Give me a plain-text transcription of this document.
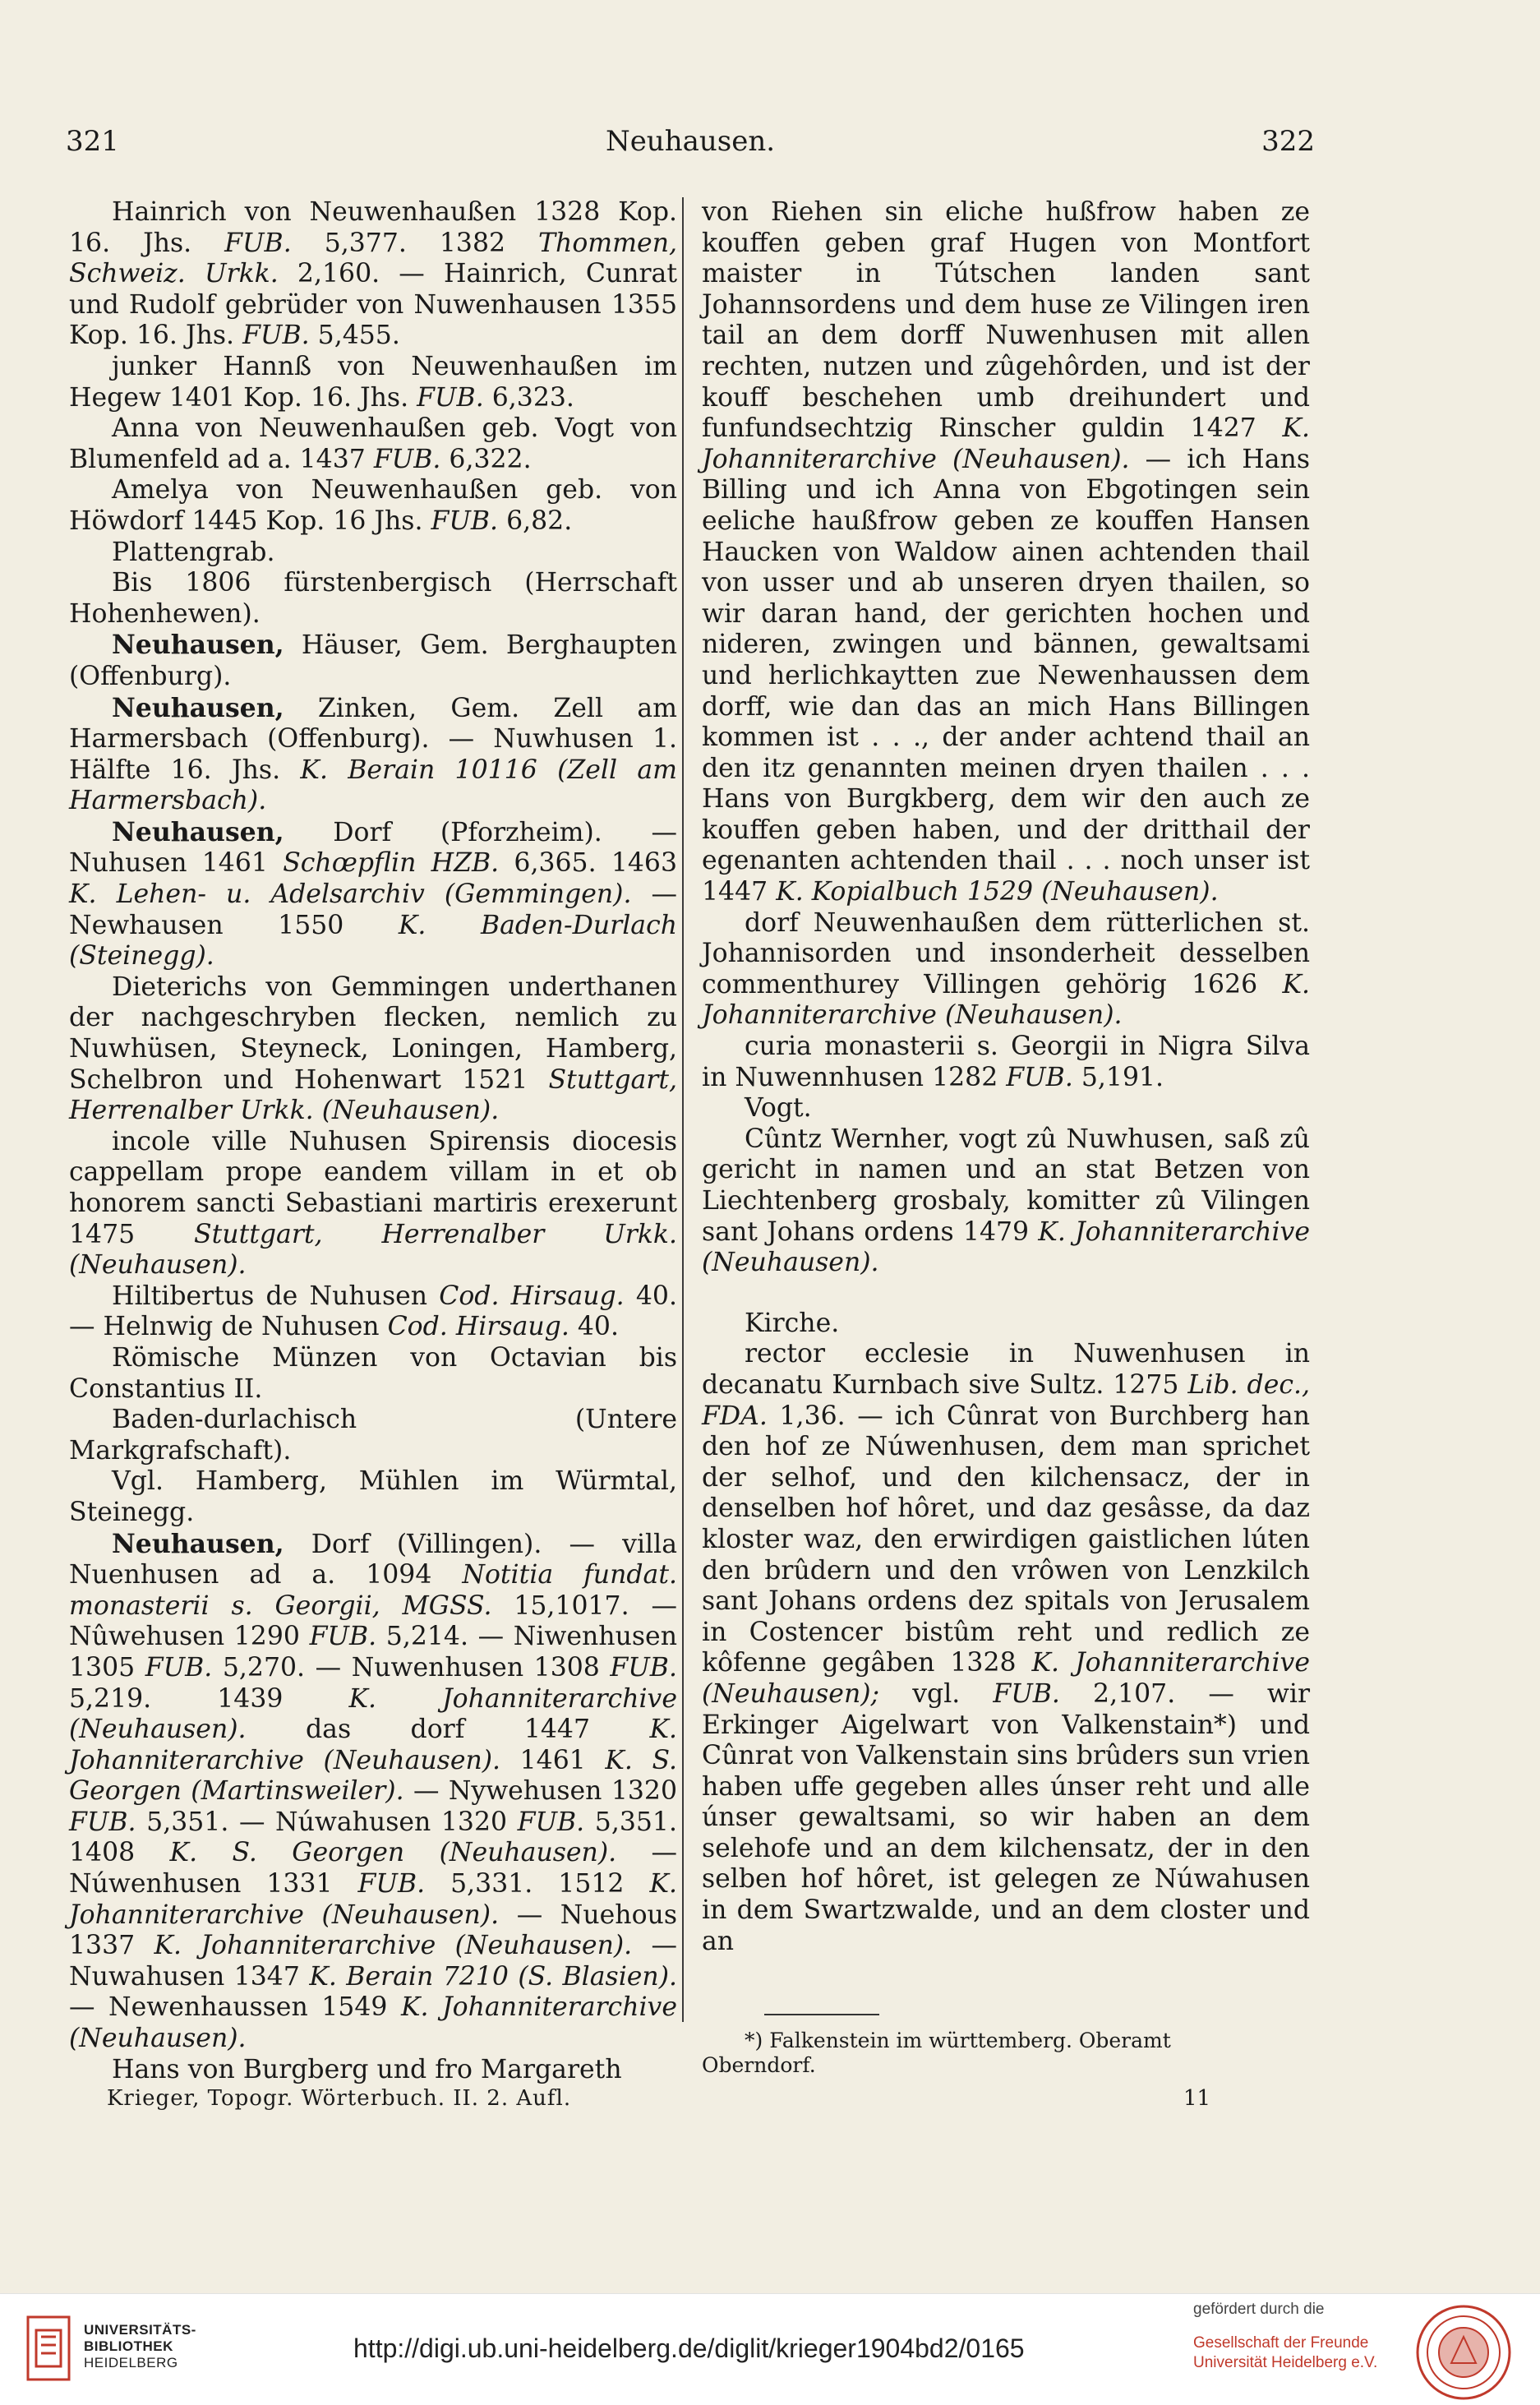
321	Neuhausen.	322

Hainrich von Neuwenhaußen 1328 Kop. 16. Jhs. FUB. 5,377. 1382 Thommen, Schweiz. Urkk. 2,160. — Hainrich, Cunrat und Rudolf gebrüder von Nuwenhausen 1355 Kop. 16. Jhs. FUB. 5,455.

junker Hannß von Neuwenhaußen im Hegew 1401 Kop. 16. Jhs. FUB. 6,323.

Anna von Neuwenhaußen geb. Vogt von Blumenfeld ad a. 1437 FUB. 6,322.

Amelya von Neuwenhaußen geb. von Höwdorf 1445 Kop. 16 Jhs. FUB. 6,82.

Plattengrab.

Bis 1806 fürstenbergisch (Herrschaft Hohenhewen).

Neuhausen, Häuser, Gem. Berghaupten (Offenburg).

Neuhausen, Zinken, Gem. Zell am Harmersbach (Offenburg). — Nuwhusen 1. Hälfte 16. Jhs. K. Berain 10116 (Zell am Harmersbach).

Neuhausen, Dorf (Pforzheim). — Nuhusen 1461 Schœpflin HZB. 6,365. 1463 K. Lehen- u. Adelsarchiv (Gemmingen). — Newhausen 1550 K. Baden-Durlach (Steinegg).

Dieterichs von Gemmingen underthanen der nachgeschryben flecken, nemlich zu Nuwhüsen, Steyneck, Loningen, Hamberg, Schelbron und Hohenwart 1521 Stuttgart, Herrenalber Urkk. (Neuhausen).

incole ville Nuhusen Spirensis diocesis cappellam prope eandem villam in et ob honorem sancti Sebastiani martiris erexerunt 1475 Stuttgart, Herrenalber Urkk. (Neuhausen).

Hiltibertus de Nuhusen Cod. Hirsaug. 40. — Helnwig de Nuhusen Cod. Hirsaug. 40.

Römische Münzen von Octavian bis Constantius II.

Baden-durlachisch (Untere Markgrafschaft).

Vgl. Hamberg, Mühlen im Würmtal, Steinegg.

Neuhausen, Dorf (Villingen). — villa Nuenhusen ad a. 1094 Notitia fundat. monasterii s. Georgii, MGSS. 15,1017. — Nûwehusen 1290 FUB. 5,214. — Niwenhusen 1305 FUB. 5,270. — Nuwenhusen 1308 FUB. 5,219. 1439 K. Johanniterarchive (Neuhausen). das dorf 1447 K. Johanniterarchive (Neuhausen). 1461 K. S. Georgen (Martinsweiler). — Nywehusen 1320 FUB. 5,351. — Núwahusen 1320 FUB. 5,351. 1408 K. S. Georgen (Neuhausen). — Núwenhusen 1331 FUB. 5,331. 1512 K. Johanniterarchive (Neuhausen). — Nuehous 1337 K. Johanniterarchive (Neuhausen). — Nuwahusen 1347 K. Berain 7210 (S. Blasien). — Newenhaussen 1549 K. Johanniterarchive (Neuhausen).

Hans von Burgberg und fro Margareth

von Riehen sin eliche hußfrow haben ze kouffen geben graf Hugen von Montfort maister in Tútschen landen sant Johannsordens und dem huse ze Vilingen iren tail an dem dorff Nuwenhusen mit allen rechten, nutzen und zûgehôrden, und ist der kouff beschehen umb dreihundert und funfundsechtzig Rinscher guldin 1427 K. Johanniterarchive (Neuhausen). — ich Hans Billing und ich Anna von Ebgotingen sein eeliche haußfrow geben ze kouffen Hansen Haucken von Waldow ainen achtenden thail von usser und ab unseren dryen thailen, so wir daran hand, der gerichten hochen und nideren, zwingen und bännen, gewaltsami und herlichkaytten zue Newenhaussen dem dorff, wie dan das an mich Hans Billingen kommen ist . . ., der ander achtend thail an den itz genannten meinen dryen thailen . . . Hans von Burgkberg, dem wir den auch ze kouffen geben haben, und der dritthail der egenanten achtenden thail . . . noch unser ist 1447 K. Kopialbuch 1529 (Neuhausen).

dorf Neuwenhaußen dem rütterlichen st. Johannisorden und insonderheit desselben commenthurey Villingen gehörig 1626 K. Johanniterarchive (Neuhausen).

curia monasterii s. Georgii in Nigra Silva in Nuwennhusen 1282 FUB. 5,191.

Vogt.

Cûntz Wernher, vogt zû Nuwhusen, saß zû gericht in namen und an stat Betzen von Liechtenberg grosbaly, komitter zû Vilingen sant Johans ordens 1479 K. Johanniterarchive (Neuhausen).

Kirche.

rector ecclesie in Nuwenhusen in decanatu Kurnbach sive Sultz. 1275 Lib. dec., FDA. 1,36. — ich Cûnrat von Burchberg han den hof ze Núwenhusen, dem man sprichet der selhof, und den kilchensacz, der in denselben hof hôret, und daz gesâsse, da daz kloster waz, den erwirdigen gaistlichen lúten den brûdern und den vrôwen von Lenzkilch sant Johans ordens dez spitals von Jerusalem in Costencer bistûm reht und redlich ze kôfenne gegâben 1328 K. Johanniterarchive (Neuhausen); vgl. FUB. 2,107. — wir Erkinger Aigelwart von Valkenstain*) und Cûnrat von Valkenstain sins brûders sun vrien haben uffe gegeben alles únser reht und alle únser gewaltsami, so wir haben an dem selehofe und an dem kilchensatz, der in den selben hof hôret, ist gelegen ze Núwahusen in dem Swartzwalde, und an dem closter und an

*) Falkenstein im württemberg. Oberamt
Oberndorf.
Krieger, Topogr. Wörterbuch. II. 2. Aufl.	11
UNIVERSITÄTS-
BIBLIOTHEK
HEIDELBERG	http://digi.ub.uni-heidelberg.de/diglit/krieger1904bd2/0165
gefördert durch die
Gesellschaft der Freunde
Universität Heidelberg e.V.
